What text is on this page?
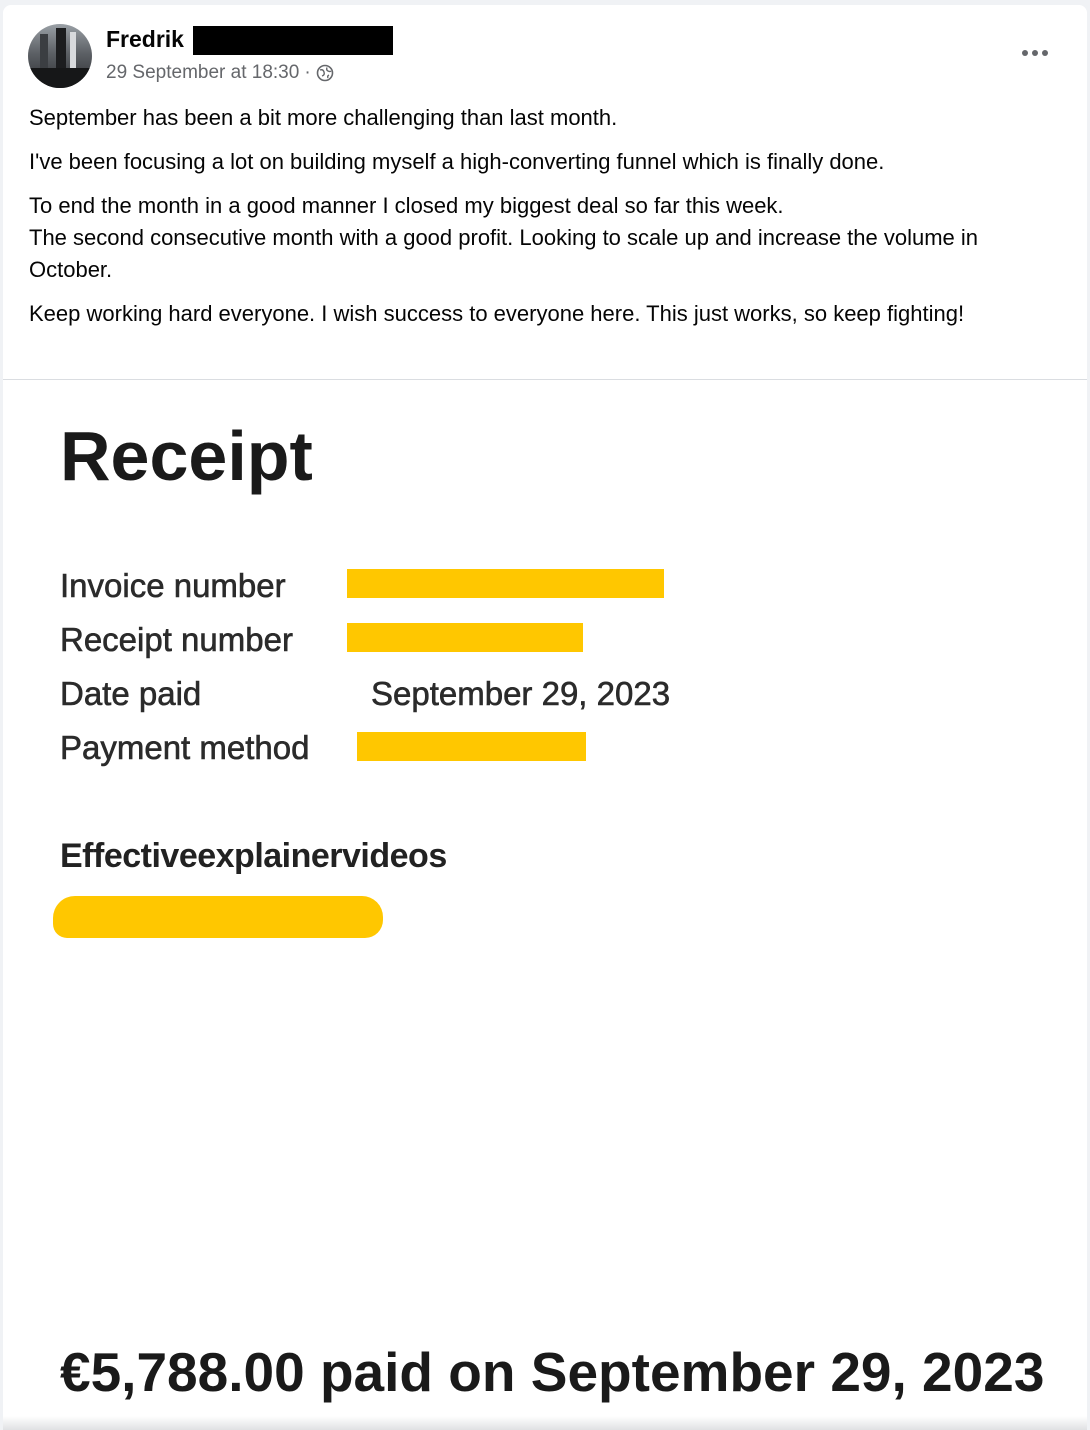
Fredrik
29 September at 18:30 ·

September has been a bit more challenging than last month.

I've been focusing a lot on building myself a high-converting funnel which is finally done.

To end the month in a good manner I closed my biggest deal so far this week.
The second consecutive month with a good profit. Looking to scale up and increase the volume in October.

Keep working hard everyone. I wish success to everyone here. This just works, so keep fighting!

Receipt
Invoice number
Receipt number
Date paid	September 29, 2023
Payment method
Effectiveexplainervideos
€5,788.00 paid on September 29, 2023
